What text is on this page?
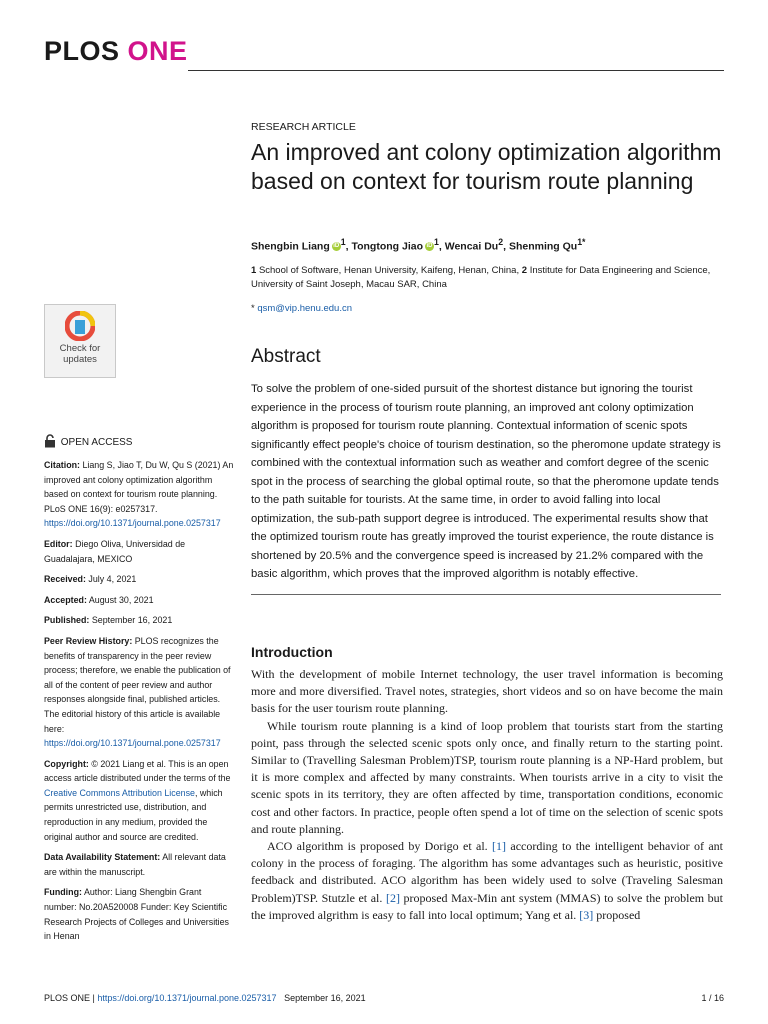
PLOS ONE
RESEARCH ARTICLE
An improved ant colony optimization algorithm based on context for tourism route planning
Shengbin Liang iD $^1$, Tongtong Jiao iD $^1$, Wencai Du$^2$, Shenming $Qu^{1*}$
1 School of Software, Henan University, Kaifeng, Henan, China, 2 Institute for Data Engineering and Science, University of Saint Joseph, Macau SAR, China
* qsm@vip.henu.edu.cn
Abstract
To solve the problem of one-sided pursuit of the shortest distance but ignoring the tourist experience in the process of tourism route planning, an improved ant colony optimization algorithm is proposed for tourism route planning. Contextual information of scenic spots significantly effect people's choice of tourism destination, so the pheromone update strategy is combined with the contextual information such as weather and comfort degree of the scenic spot in the process of searching the global optimal route, so that the pheromone update tends to the path suitable for tourists. At the same time, in order to avoid falling into local optimization, the sub-path support degree is introduced. The experimental results show that the optimized tourism route has greatly improved the tourist experience, the route distance is shortened by 20.5% and the convergence speed is increased by 21.2% compared with the basic algorithm, which proves that the improved algorithm is notably effective.
Introduction

With the development of mobile Internet technology, the user travel information is becoming more and more diversified. Travel notes, strategies, short videos and so on have become the main basis for the user tourism route planning.

While tourism route planning is a kind of loop problem that tourists start from the starting point, pass through the selected scenic spots only once, and finally return to the starting point. Similar to (Travelling Salesman Problem)TSP, tourism route planning is a NP-Hard problem, but it is more complex and affected by many constraints. When tourists arrive in a city to visit the scenic spots in its territory, they are often affected by time, transportation conditions, economic cost and other factors. In practice, people often spend a lot of time on the selection of scenic spots and route planning.

ACO algorithm is proposed by Dorigo et al. [1] according to the intelligent behavior of ant colony in the process of foraging. The algorithm has some advantages such as heuristic, positive feedback and distributed. ACO algorithm has been widely used to solve (Traveling Salesman Problem)TSP. Stutzle et al. [2] proposed Max-Min ant system (MMAS) to solve the problem but the improved algrithm is easy to fall into local optimum; Yang et al. [3] proposed

Check for
updates
OPEN ACCESS
Citation: Liang S, Jiao T, Du W, Qu S (2021) An improved ant colony optimization algorithm based on context for tourism route planning. PLoS ONE 16(9): e0257317. https://doi.org/10.1371/journal.pone.0257317
Editor: Diego Oliva, Universidad de Guadalajara, MEXICO
Received: July 4, 2021
Accepted: August 30, 2021
Published: September 16, 2021
Peer Review History: PLOS recognizes the benefits of transparency in the peer review process; therefore, we enable the publication of all of the content of peer review and author responses alongside final, published articles. The editorial history of this article is available here: https://doi.org/10.1371/journal.pone.0257317
Copyright: © 2021 Liang et al. This is an open access article distributed under the terms of the Creative Commons Attribution License, which permits unrestricted use, distribution, and reproduction in any medium, provided the original author and source are credited.
Data Availability Statement: All relevant data are within the manuscript.
Funding: Author: Liang Shengbin Grant number: No.20A520008 Funder: Key Scientific Research Projects of Colleges and Universities in Henan
PLOS ONE | https://doi.org/10.1371/journal.pone.0257317 September 16, 2021	1 / 16
